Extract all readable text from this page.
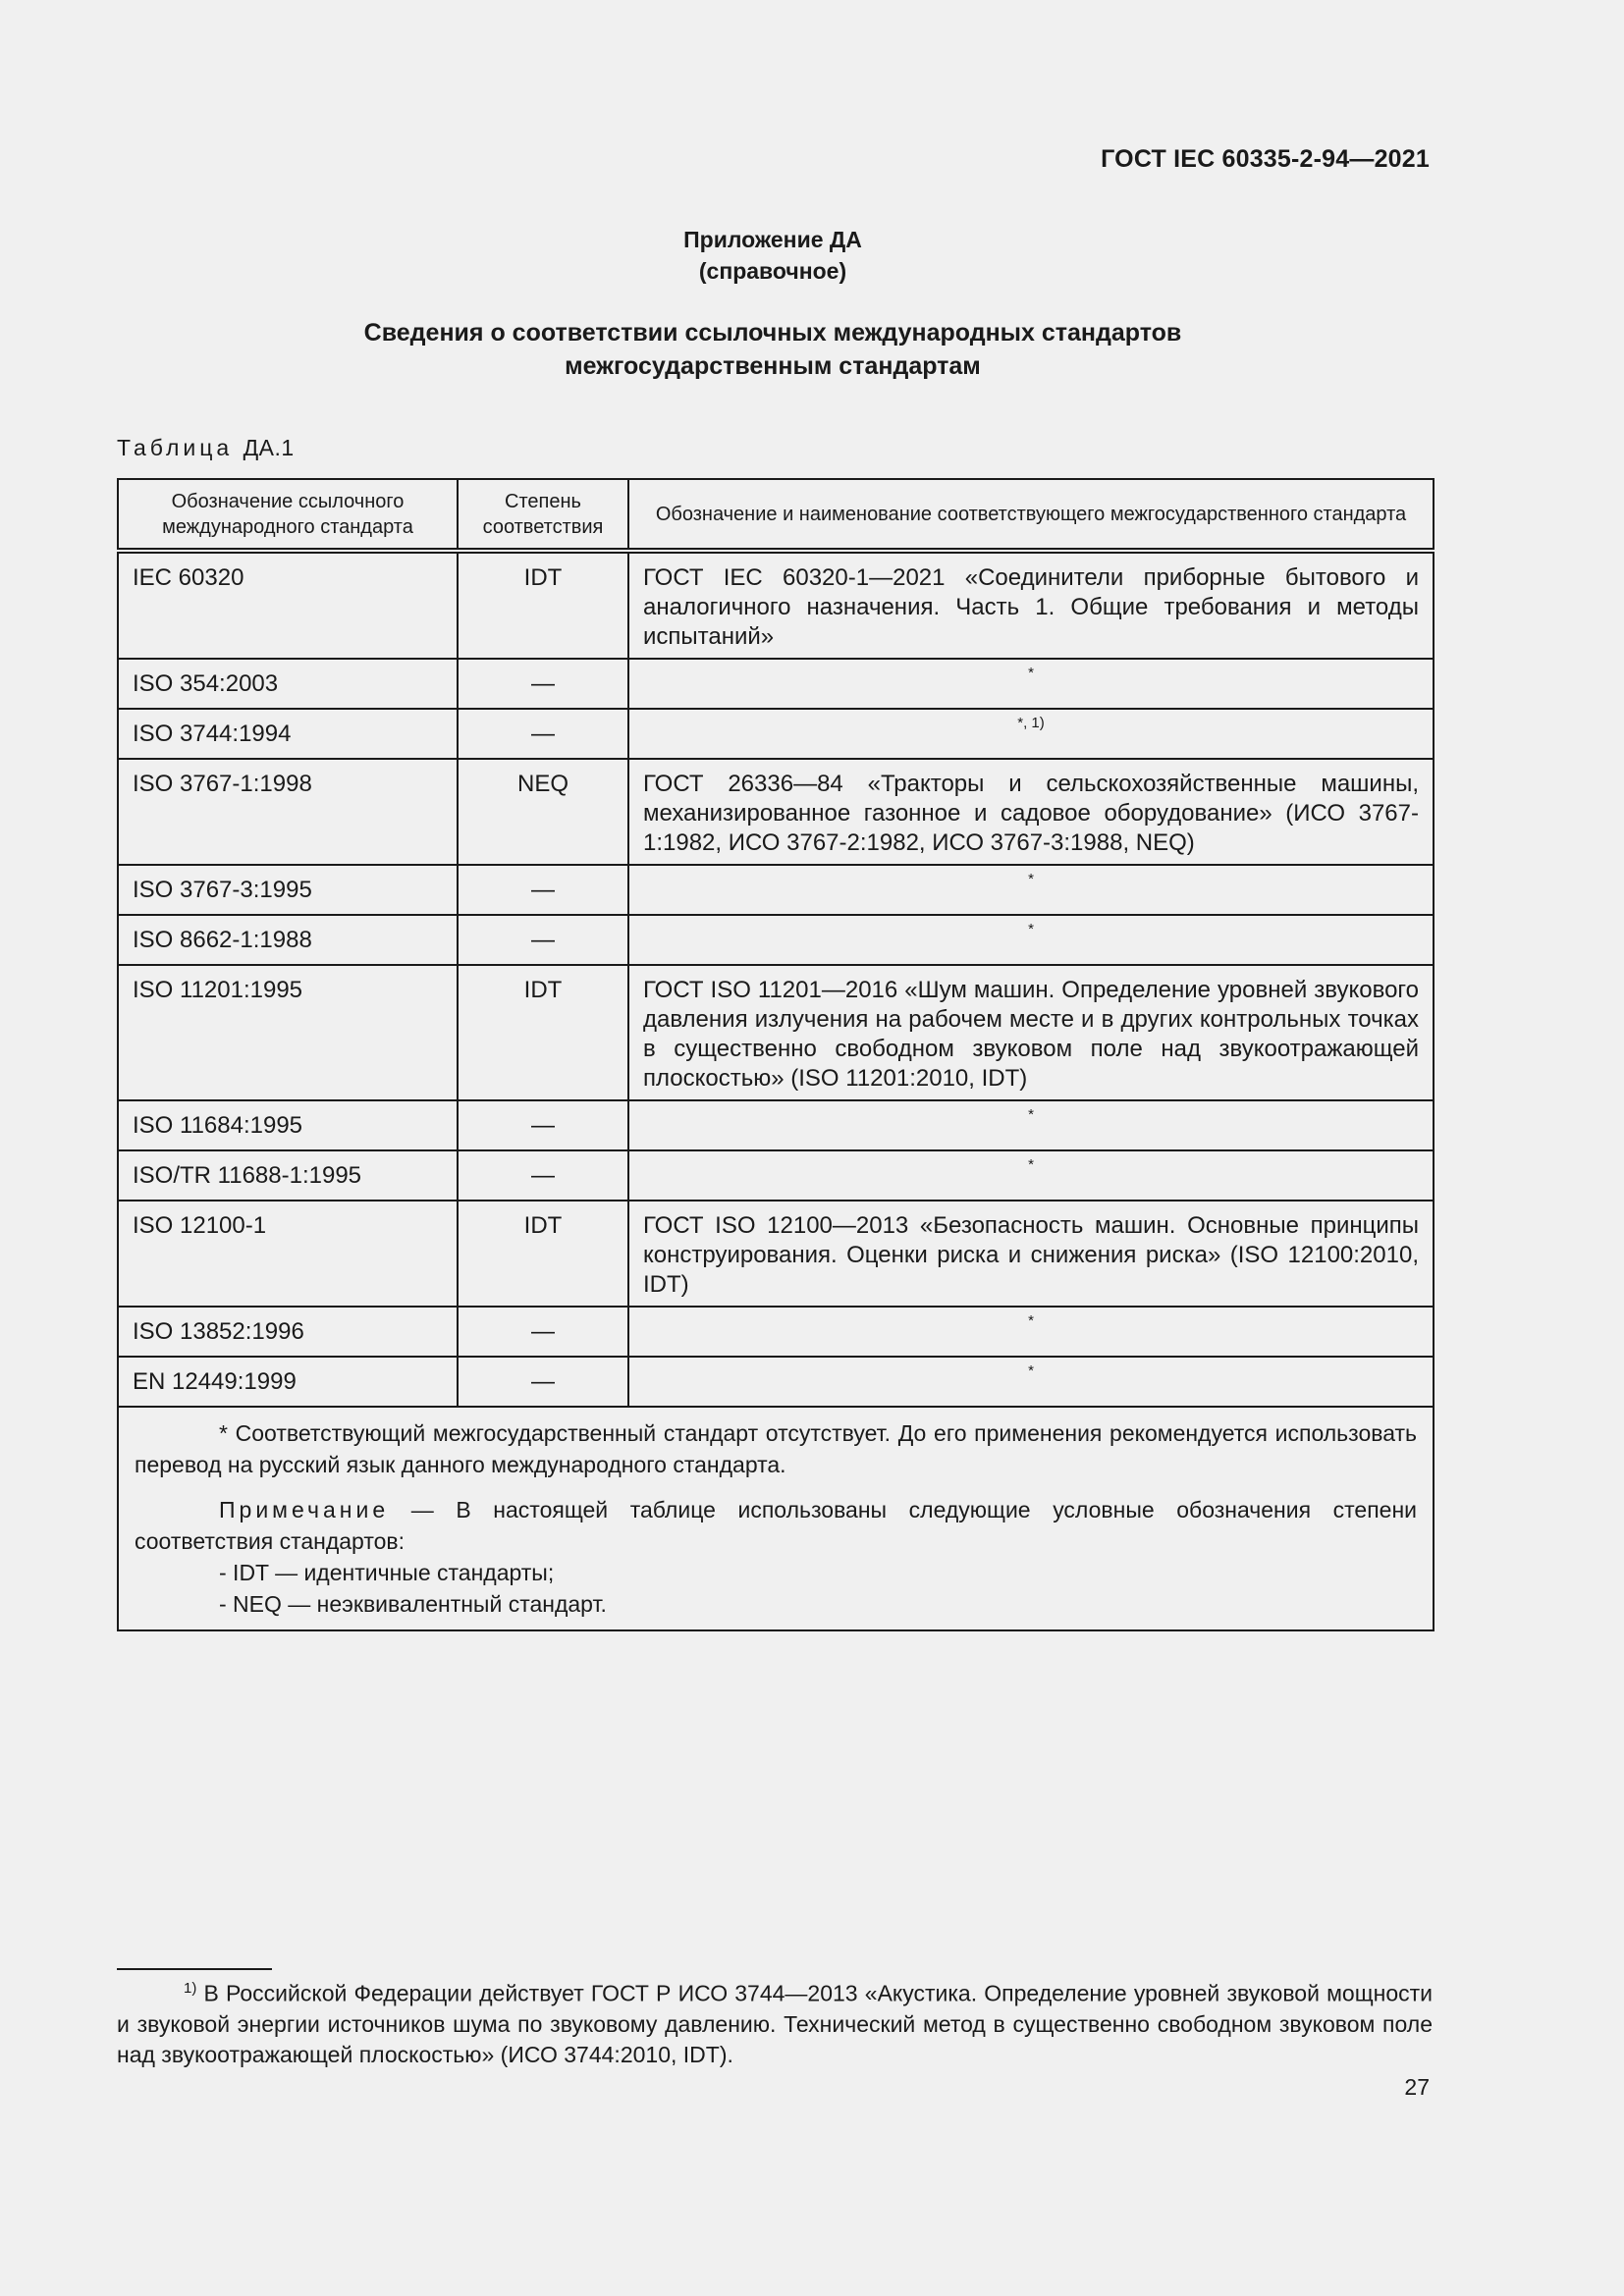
ГОСТ IEC 60335-2-94—2021
Приложение ДА
(справочное)
Сведения о соответствии ссылочных международных стандартов
межгосударственным стандартам
Таблица ДА.1
Обозначение ссылочного международного стандарта	Степень соответствия	Обозначение и наименование соответствующего межгосударственного стандарта
IEC 60320	IDT	ГОСТ IEC 60320-1—2021 «Соединители приборные бытового и аналогичного назначения. Часть 1. Общие требования и методы испытаний»
ISO 354:2003	—	*
ISO 3744:1994	—	*, 1)
ISO 3767-1:1998	NEQ	ГОСТ 26336—84 «Тракторы и сельскохозяйственные машины, механизированное газонное и садовое оборудование» (ИСО 3767-1:1982, ИСО 3767-2:1982, ИСО 3767-3:1988, NEQ)
ISO 3767-3:1995	—	*
ISO 8662-1:1988	—	*
ISO 11201:1995	IDT	ГОСТ ISO 11201—2016 «Шум машин. Определение уровней звукового давления излучения на рабочем месте и в других контрольных точках в существенно свободном звуковом поле над звукоотражающей плоскостью» (ISO 11201:2010, IDT)
ISO 11684:1995	—	*
ISO/TR 11688-1:1995	—	*
ISO 12100-1	IDT	ГОСТ ISO 12100—2013 «Безопасность машин. Основные принципы конструирования. Оценки риска и снижения риска» (ISO 12100:2010, IDT)
ISO 13852:1996	—	*
EN 12449:1999	—	*

* Соответствующий межгосударственный стандарт отсутствует. До его применения рекомендуется использовать перевод на русский язык данного международного стандарта.

Примечание — В настоящей таблице использованы следующие условные обозначения степени соответствия стандартов:

- IDT — идентичные стандарты;
- NEQ — неэквивалентный стандарт.		
$^{1)}$ В Российской Федерации действует ГОСТ Р ИСО 3744—2013 «Акустика. Определение уровней звуковой мощности и звуковой энергии источников шума по звуковому давлению. Технический метод в существенно свободном звуковом поле над звукоотражающей плоскостью» (ИСО 3744:2010, IDT).
27
